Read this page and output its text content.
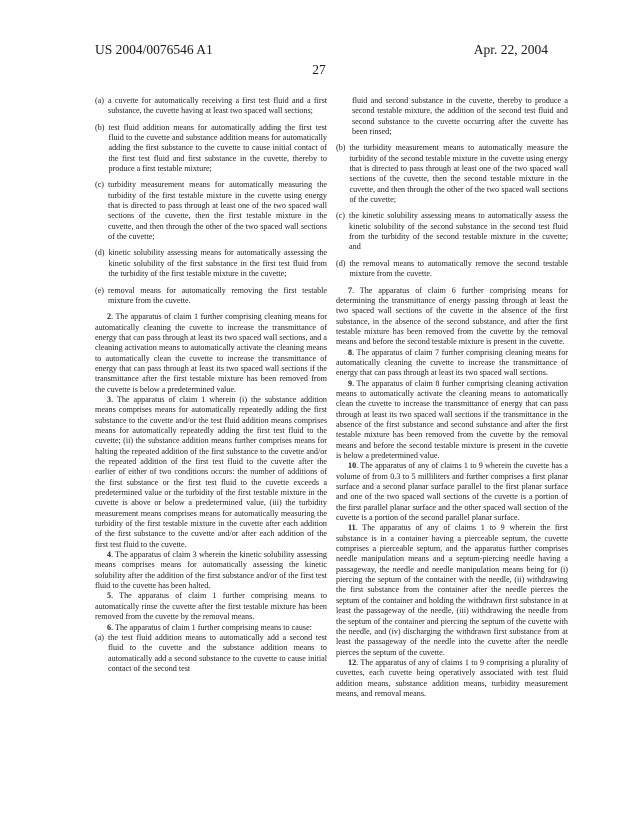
US 2004/0076546 A1	Apr. 22, 2004
27
(a) a cuvette for automatically receiving a first test fluid and a first substance, the cuvette having at least two spaced wall sections;
(b) test fluid addition means for automatically adding the first test fluid to the cuvette and substance addition means for automatically adding the first substance to the cuvette to cause initial contact of the first test fluid and first substance in the cuvette, thereby to produce a first testable mixture;
(c) turbidity measurement means for automatically measuring the turbidity of the first testable mixture in the cuvette using energy that is directed to pass through at least one of the two spaced wall sections of the cuvette, then the first testable mixture in the cuvette, and then through the other of the two spaced wall sections of the cuvette;
(d) kinetic solubility assessing means for automatically assessing the kinetic solubility of the first substance in the first test fluid from the turbidity of the first testable mixture in the cuvette;
(e) removal means for automatically removing the first testable mixture from the cuvette.

2. The apparatus of claim 1 further comprising cleaning means for automatically cleaning the cuvette to increase the transmittance of energy that can pass through at least its two spaced wall sections, and a cleaning activation means to automatically activate the cleaning means to automatically clean the cuvette to increase the transmittance of energy that can pass through at least its two spaced wall sections if the transmittance after the first testable mixture has been removed from the cuvette is below a predetermined value.

3. The apparatus of claim 1 wherein (i) the substance addition means comprises means for automatically repeatedly adding the first substance to the cuvette and/or the test fluid addition means comprises means for automatically repeatedly adding the first test fluid to the cuvette; (ii) the substance addition means further comprises means for halting the repeated addition of the first substance to the cuvette and/or the repeated addition of the first test fluid to the cuvette after the earlier of either of two conditions occurs: the number of additions of the first substance or the first test fluid to the cuvette exceeds a predetermined value or the turbidity of the first testable mixture in the cuvette is above or below a predetermined value, (iii) the turbidity measurement means comprises means for automatically measuring the turbidity of the first testable mixture in the cuvette after each addition of the first substance to the cuvette and/or after each addition of the first test fluid to the cuvette.

4. The apparatus of claim 3 wherein the kinetic solubility assessing means comprises means for automatically assessing the kinetic solubility after the addition of the first substance and/or of the first test fluid to the cuvette has been halted.

5. The apparatus of claim 1 further comprising means to automatically rinse the cuvette after the first testable mixture has been removed from the cuvette by the removal means.

6. The apparatus of claim 1 further comprising means to cause:

(a) the test fluid addition means to automatically add a second test fluid to the cuvette and the substance addition means to automatically add a second substance to the cuvette to cause initial contact of the second test
fluid and second substance in the cuvette, thereby to produce a second testable mixture, the addition of the second test fluid and second substance to the cuvette occurring after the cuvette has been rinsed;
(b) the turbidity measurement means to automatically measure the turbidity of the second testable mixture in the cuvette using energy that is directed to pass through at least one of the two spaced wall sections of the cuvette, then the second testable mixture in the cuvette, and then through the other of the two spaced wall sections of the cuvette;
(c) the kinetic solubility assessing means to automatically assess the kinetic solubility of the second substance in the second test fluid from the turbidity of the second testable mixture in the cuvette; and
(d) the removal means to automatically remove the second testable mixture from the cuvette.

7. The apparatus of claim 6 further comprising means for determining the transmittance of energy passing through at least the two spaced wall sections of the cuvette in the absence of the first substance, in the absence of the second substance, and after the first testable mixture has been removed from the cuvette by the removal means and before the second testable mixture is present in the cuvette.

8. The apparatus of claim 7 further comprising cleaning means for automatically cleaning the cuvette to increase the transmittance of energy that can pass through at least its two spaced wall sections.

9. The apparatus of claim 8 further comprising cleaning activation means to automatically activate the cleaning means to automatically clean the cuvette to increase the transmittance of energy that can pass through at least its two spaced wall sections if the transmittance in the absence of the first substance and second substance and after the first testable mixture has been removed from the cuvette by the removal means and before the second testable mixture is present in the cuvette is below a predetermined value.

10. The apparatus of any of claims 1 to 9 wherein the cuvette has a volume of from 0.3 to 5 milliliters and further comprises a first planar surface and a second planar surface parallel to the first planar surface and one of the two spaced wall sections of the cuvette is a portion of the first parallel planar surface and the other spaced wall section of the cuvette is a portion of the second parallel planar surface.

11. The apparatus of any of claims 1 to 9 wherein the first substance is in a container having a pierceable septum, the cuvette comprises a pierceable septum, and the apparatus further comprises needle manipulation means and a septum-piercing needle having a passageway, the needle and needle manipulation means being for (i) piercing the septum of the container with the needle, (ii) withdrawing the first substance from the container after the needle pierces the septum of the container and holding the withdrawn first substance in at least the passageway of the needle, (iii) withdrawing the needle from the septum of the container and piercing the septum of the cuvette with the needle, and (iv) discharging the withdrawn first substance from at least the passageway of the needle into the cuvette after the needle pierces the septum of the cuvette.

12. The apparatus of any of claims 1 to 9 comprising a plurality of cuvettes, each cuvette being operatively associated with test fluid addition means, substance addition means, turbidity measurement means, and removal means.
